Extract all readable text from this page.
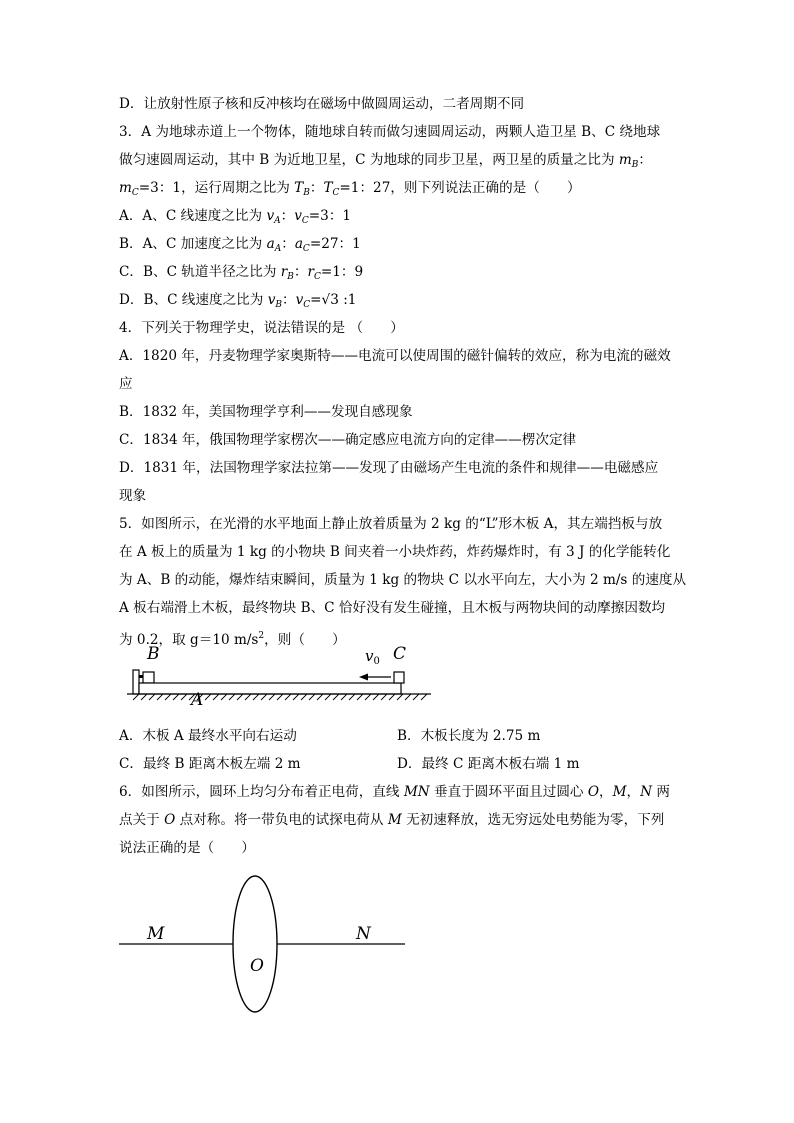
D．让放射性原子核和反冲核均在磁场中做圆周运动，二者周期不同
3．A 为地球赤道上一个物体，随地球自转而做匀速圆周运动，两颗人造卫星 B、C 绕地球
做匀速圆周运动，其中 B 为近地卫星，C 为地球的同步卫星，两卫星的质量之比为 $m_B$：
$m_C=3$：1，运行周期之比为 $T_B$：$T_C=1$：27，则下列说法正确的是（　　）
A．A、C 线速度之比为 $v_A$：$v_C=3$：1
B．A、C 加速度之比为 $a_A$：$a_C=27$：1
C．B、C 轨道半径之比为 $r_B$：$r_C=1$：9
D．B、C 线速度之比为 $v_B$：$v_C=√3$ :1
4．下列关于物理学史，说法错误的是 （　　）
A．1820 年，丹麦物理学家奥斯特——电流可以使周围的磁针偏转的效应，称为电流的磁效
应
B．1832 年，美国物理学亨利——发现自感现象
C．1834 年，俄国物理学家楞次——确定感应电流方向的定律——楞次定律
D．1831 年，法国物理学家法拉第——发现了由磁场产生电流的条件和规律——电磁感应
现象
5．如图所示，在光滑的水平地面上静止放着质量为 2 kg 的“L”形木板 A，其左端挡板与放
在 A 板上的质量为 1 kg 的小物块 B 间夹着一小块炸药，炸药爆炸时，有 3 J 的化学能转化
为 A、B 的动能，爆炸结束瞬间，质量为 1 kg 的物块 C 以水平向左，大小为 2 m/s 的速度从
A 板右端滑上木板，最终物块 B、C 恰好没有发生碰撞，且木板与两物块间的动摩擦因数均
为 0.2，取 g＝10 $m/s^2$，则（　　）
B	$v_0$ C
A
A．木板 A 最终水平向右运动	B．木板长度为 2.75 m
C．最终 B 距离木板左端 2 m	D．最终 C 距离木板右端 1 m
6．如图所示，圆环上均匀分布着正电荷，直线 MN 垂直于圆环平面且过圆心 O，M，N 两
点关于 O 点对称。将一带负电的试探电荷从 M 无初速释放，选无穷远处电势能为零，下列
说法正确的是（　　）
M	N
O
